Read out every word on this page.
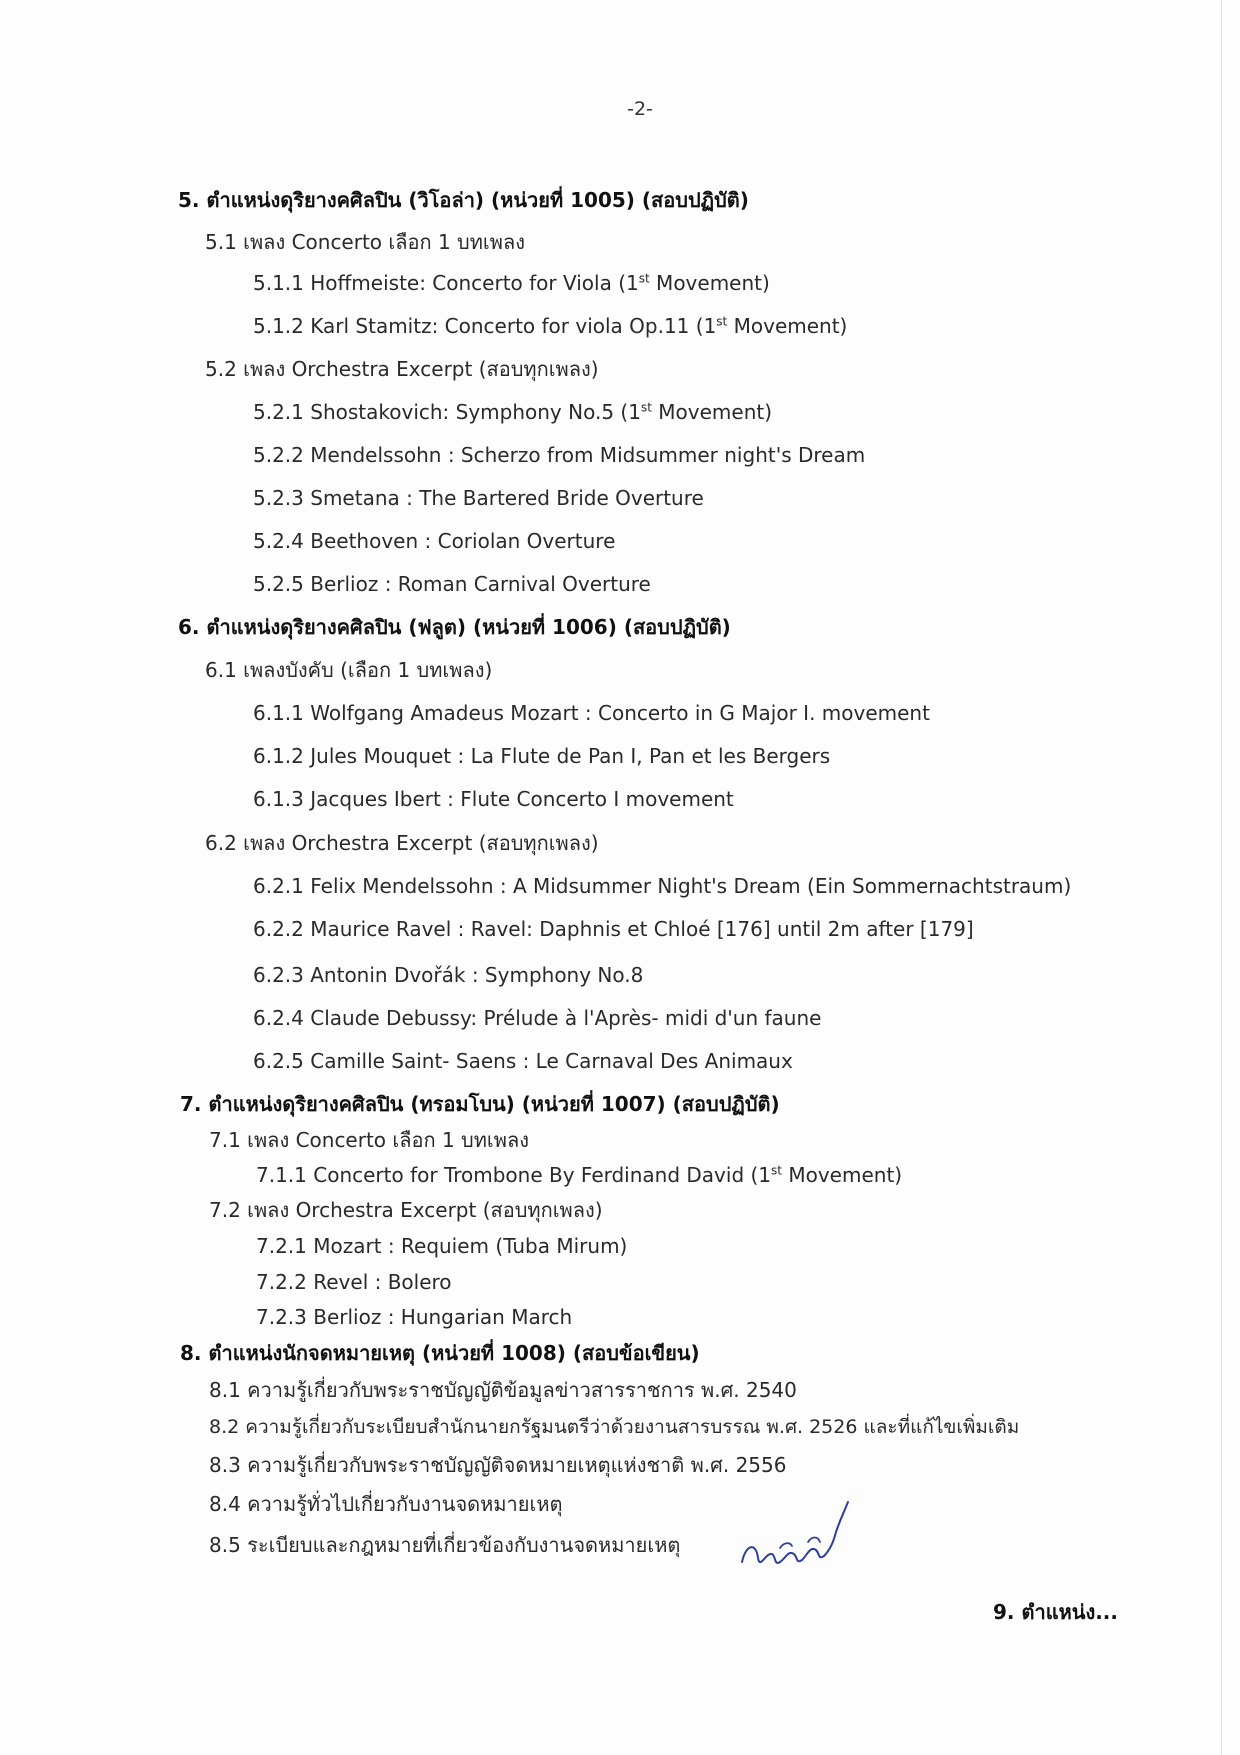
-2-
5. ตำแหน่งดุริยางคศิลปิน (วิโอล่า) (หน่วยที่ 1005) (สอบปฏิบัติ)
5.1 เพลง Concerto เลือก 1 บทเพลง
5.1.1 Hoffmeiste: Concerto for Viola (1st Movement)
5.1.2 Karl Stamitz: Concerto for viola Op.11 (1st Movement)
5.2 เพลง Orchestra Excerpt (สอบทุกเพลง)
5.2.1 Shostakovich: Symphony No.5 (1st Movement)
5.2.2 Mendelssohn : Scherzo from Midsummer night's Dream
5.2.3 Smetana : The Bartered Bride Overture
5.2.4 Beethoven : Coriolan Overture
5.2.5 Berlioz : Roman Carnival Overture
6. ตำแหน่งดุริยางคศิลปิน (ฟลูต) (หน่วยที่ 1006) (สอบปฏิบัติ)
6.1 เพลงบังคับ (เลือก 1 บทเพลง)
6.1.1 Wolfgang Amadeus Mozart : Concerto in G Major I. movement
6.1.2 Jules Mouquet : La Flute de Pan I, Pan et les Bergers
6.1.3 Jacques Ibert : Flute Concerto I movement
6.2 เพลง Orchestra Excerpt (สอบทุกเพลง)
6.2.1 Felix Mendelssohn : A Midsummer Night's Dream (Ein Sommernachtstraum)
6.2.2 Maurice Ravel : Ravel: Daphnis et Chloé [176] until 2m after [179]
6.2.3 Antonin Dvořák : Symphony No.8
6.2.4 Claude Debussy: Prélude à l'Après- midi d'un faune
6.2.5 Camille Saint- Saens : Le Carnaval Des Animaux
7. ตำแหน่งดุริยางคศิลปิน (ทรอมโบน) (หน่วยที่ 1007) (สอบปฏิบัติ)
7.1 เพลง Concerto เลือก 1 บทเพลง
7.1.1 Concerto for Trombone By Ferdinand David (1st Movement)
7.2 เพลง Orchestra Excerpt (สอบทุกเพลง)
7.2.1 Mozart : Requiem (Tuba Mirum)
7.2.2 Revel : Bolero
7.2.3 Berlioz : Hungarian March
8. ตำแหน่งนักจดหมายเหตุ (หน่วยที่ 1008) (สอบข้อเขียน)
8.1 ความรู้เกี่ยวกับพระราชบัญญัติข้อมูลข่าวสารราชการ พ.ศ. 2540
8.2 ความรู้เกี่ยวกับระเบียบสำนักนายกรัฐมนตรีว่าด้วยงานสารบรรณ พ.ศ. 2526 และที่แก้ไขเพิ่มเติม
8.3 ความรู้เกี่ยวกับพระราชบัญญัติจดหมายเหตุแห่งชาติ พ.ศ. 2556
8.4 ความรู้ทั่วไปเกี่ยวกับงานจดหมายเหตุ
8.5 ระเบียบและกฎหมายที่เกี่ยวข้องกับงานจดหมายเหตุ
9. ตำแหน่ง...
